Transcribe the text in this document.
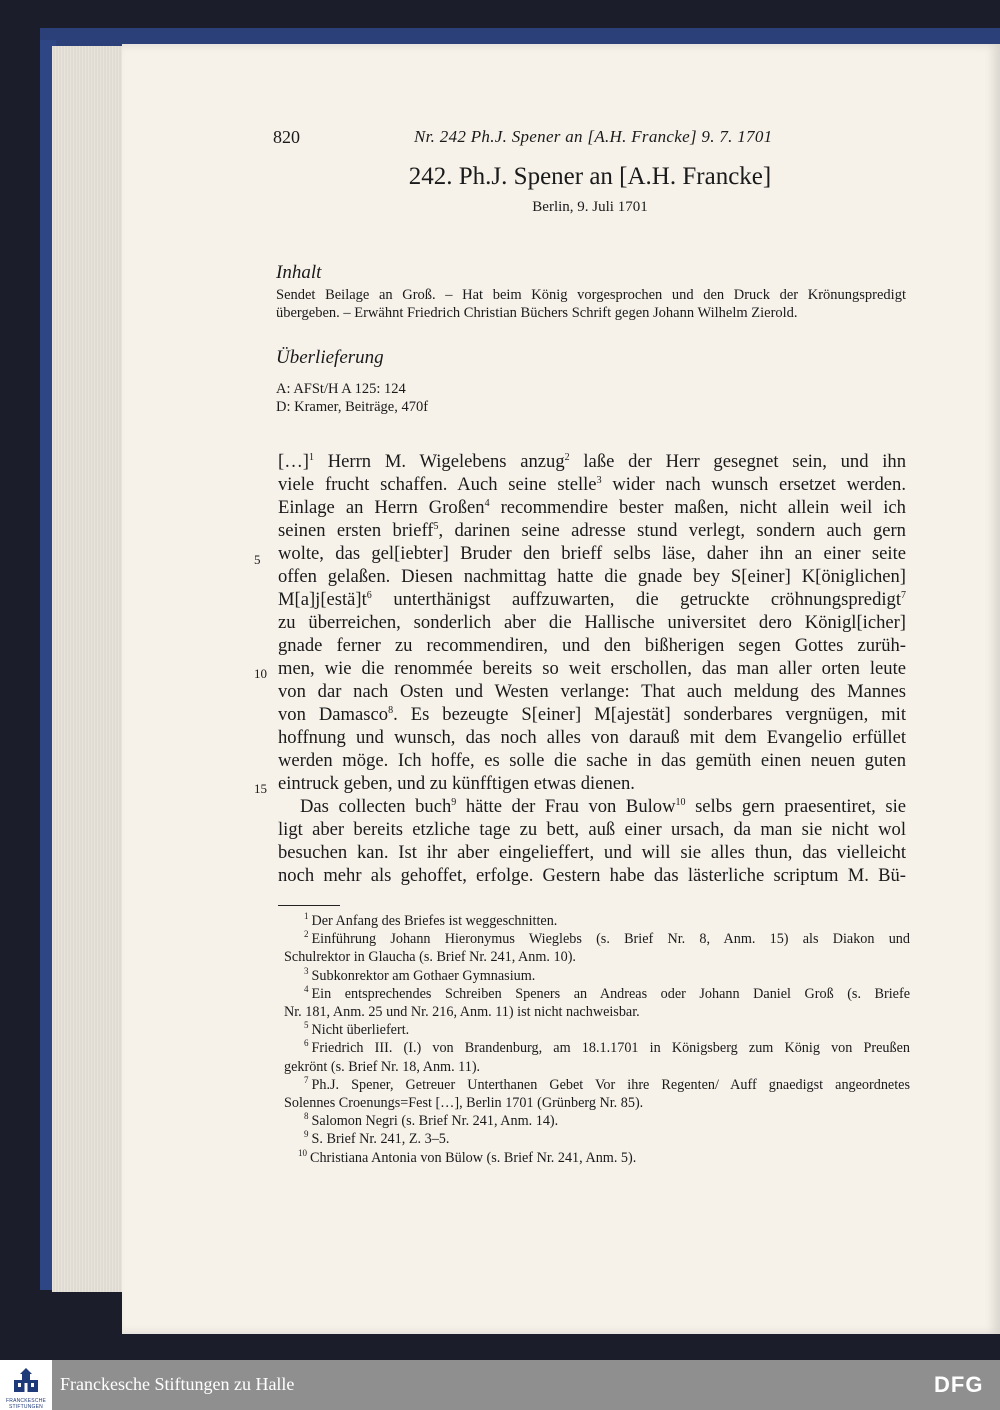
820	Nr. 242 Ph.J. Spener an [A.H. Francke] 9. 7. 1701
242. Ph.J. Spener an [A.H. Francke]
Berlin, 9. Juli 1701
Inhalt
Sendet Beilage an Groß. – Hat beim König vorgesprochen und den Druck der Krönungspredigt
übergeben. – Erwähnt Friedrich Christian Büchers Schrift gegen Johann Wilhelm Zierold.
Überlieferung
A: AFSt/H A 125: 124
D: Kramer, Beiträge, 470f
5
10
15
[…]$^1$ Herrn M. Wigelebens anzug$^2$ laße der Herr gesegnet sein, und ihn
viele frucht schaffen. Auch seine stelle$^3$ wider nach wunsch ersetzet werden.
Einlage an Herrn Großen$^4$ recommendire bester maßen, nicht allein weil ich
seinen ersten brieff$^5$, darinen seine adresse stund verlegt, sondern auch gern
wolte, das gel[iebter] Bruder den brieff selbs läse, daher ihn an einer seite
offen gelaßen. Diesen nachmittag hatte die gnade bey S[einer] K[öniglichen]
$M[a]j[estä]t^6$ unterthänigst auffzuwarten, die getruckte cröhnungspredigt$^7$
zu überreichen, sonderlich aber die Hallische universitet dero Königl[icher]
gnade ferner zu recommendiren, und den bißherigen segen Gottes zurüh-
men, wie die renommée bereits so weit erschollen, das man aller orten leute
von dar nach Osten und Westen verlange: That auch meldung des Mannes
von Damasco$^8$. Es bezeugte S[einer] M[ajestät] sonderbares vergnügen, mit
hoffnung und wunsch, das noch alles von darauß mit dem Evangelio erfüllet
werden möge. Ich hoffe, es solle die sache in das gemüth einen neuen guten
eintruck geben, und zu künfftigen etwas dienen.
Das collecten buch$^9$ hätte der Frau von Bulow$^{10}$ selbs gern praesentiret, sie
ligt aber bereits etzliche tage zu bett, auß einer ursach, da man sie nicht wol
besuchen kan. Ist ihr aber eingelieffert, und will sie alles thun, das vielleicht
noch mehr als gehoffet, erfolge. Gestern habe das lästerliche scriptum M. Bü-
$^1$ Der Anfang des Briefes ist weggeschnitten.
$^2$ Einführung Johann Hieronymus Wieglebs (s. Brief Nr. 8, Anm. 15) als Diakon und
Schulrektor in Glaucha (s. Brief Nr. 241, Anm. 10).
$^3$ Subkonrektor am Gothaer Gymnasium.
$^4$ Ein entsprechendes Schreiben Speners an Andreas oder Johann Daniel Groß (s. Briefe
Nr. 181, Anm. 25 und Nr. 216, Anm. 11) ist nicht nachweisbar.
$^5$ Nicht überliefert.
$^6$ Friedrich III. (I.) von Brandenburg, am 18.1.1701 in Königsberg zum König von Preußen
gekrönt (s. Brief Nr. 18, Anm. 11).
$^7$ Ph.J. Spener, Getreuer Unterthanen Gebet Vor ihre Regenten/ Auff gnaedigst angeordnetes
Solennes Croenungs=Fest […], Berlin 1701 (Grünberg Nr. 85).
$^8$ Salomon Negri (s. Brief Nr. 241, Anm. 14).
$^9$ S. Brief Nr. 241, Z. 3–5.
$^{10}$ Christiana Antonia von Bülow (s. Brief Nr. 241, Anm. 5).
FRANCKESCHE
STIFTUNGEN
Franckesche Stiftungen zu Halle	DFG
